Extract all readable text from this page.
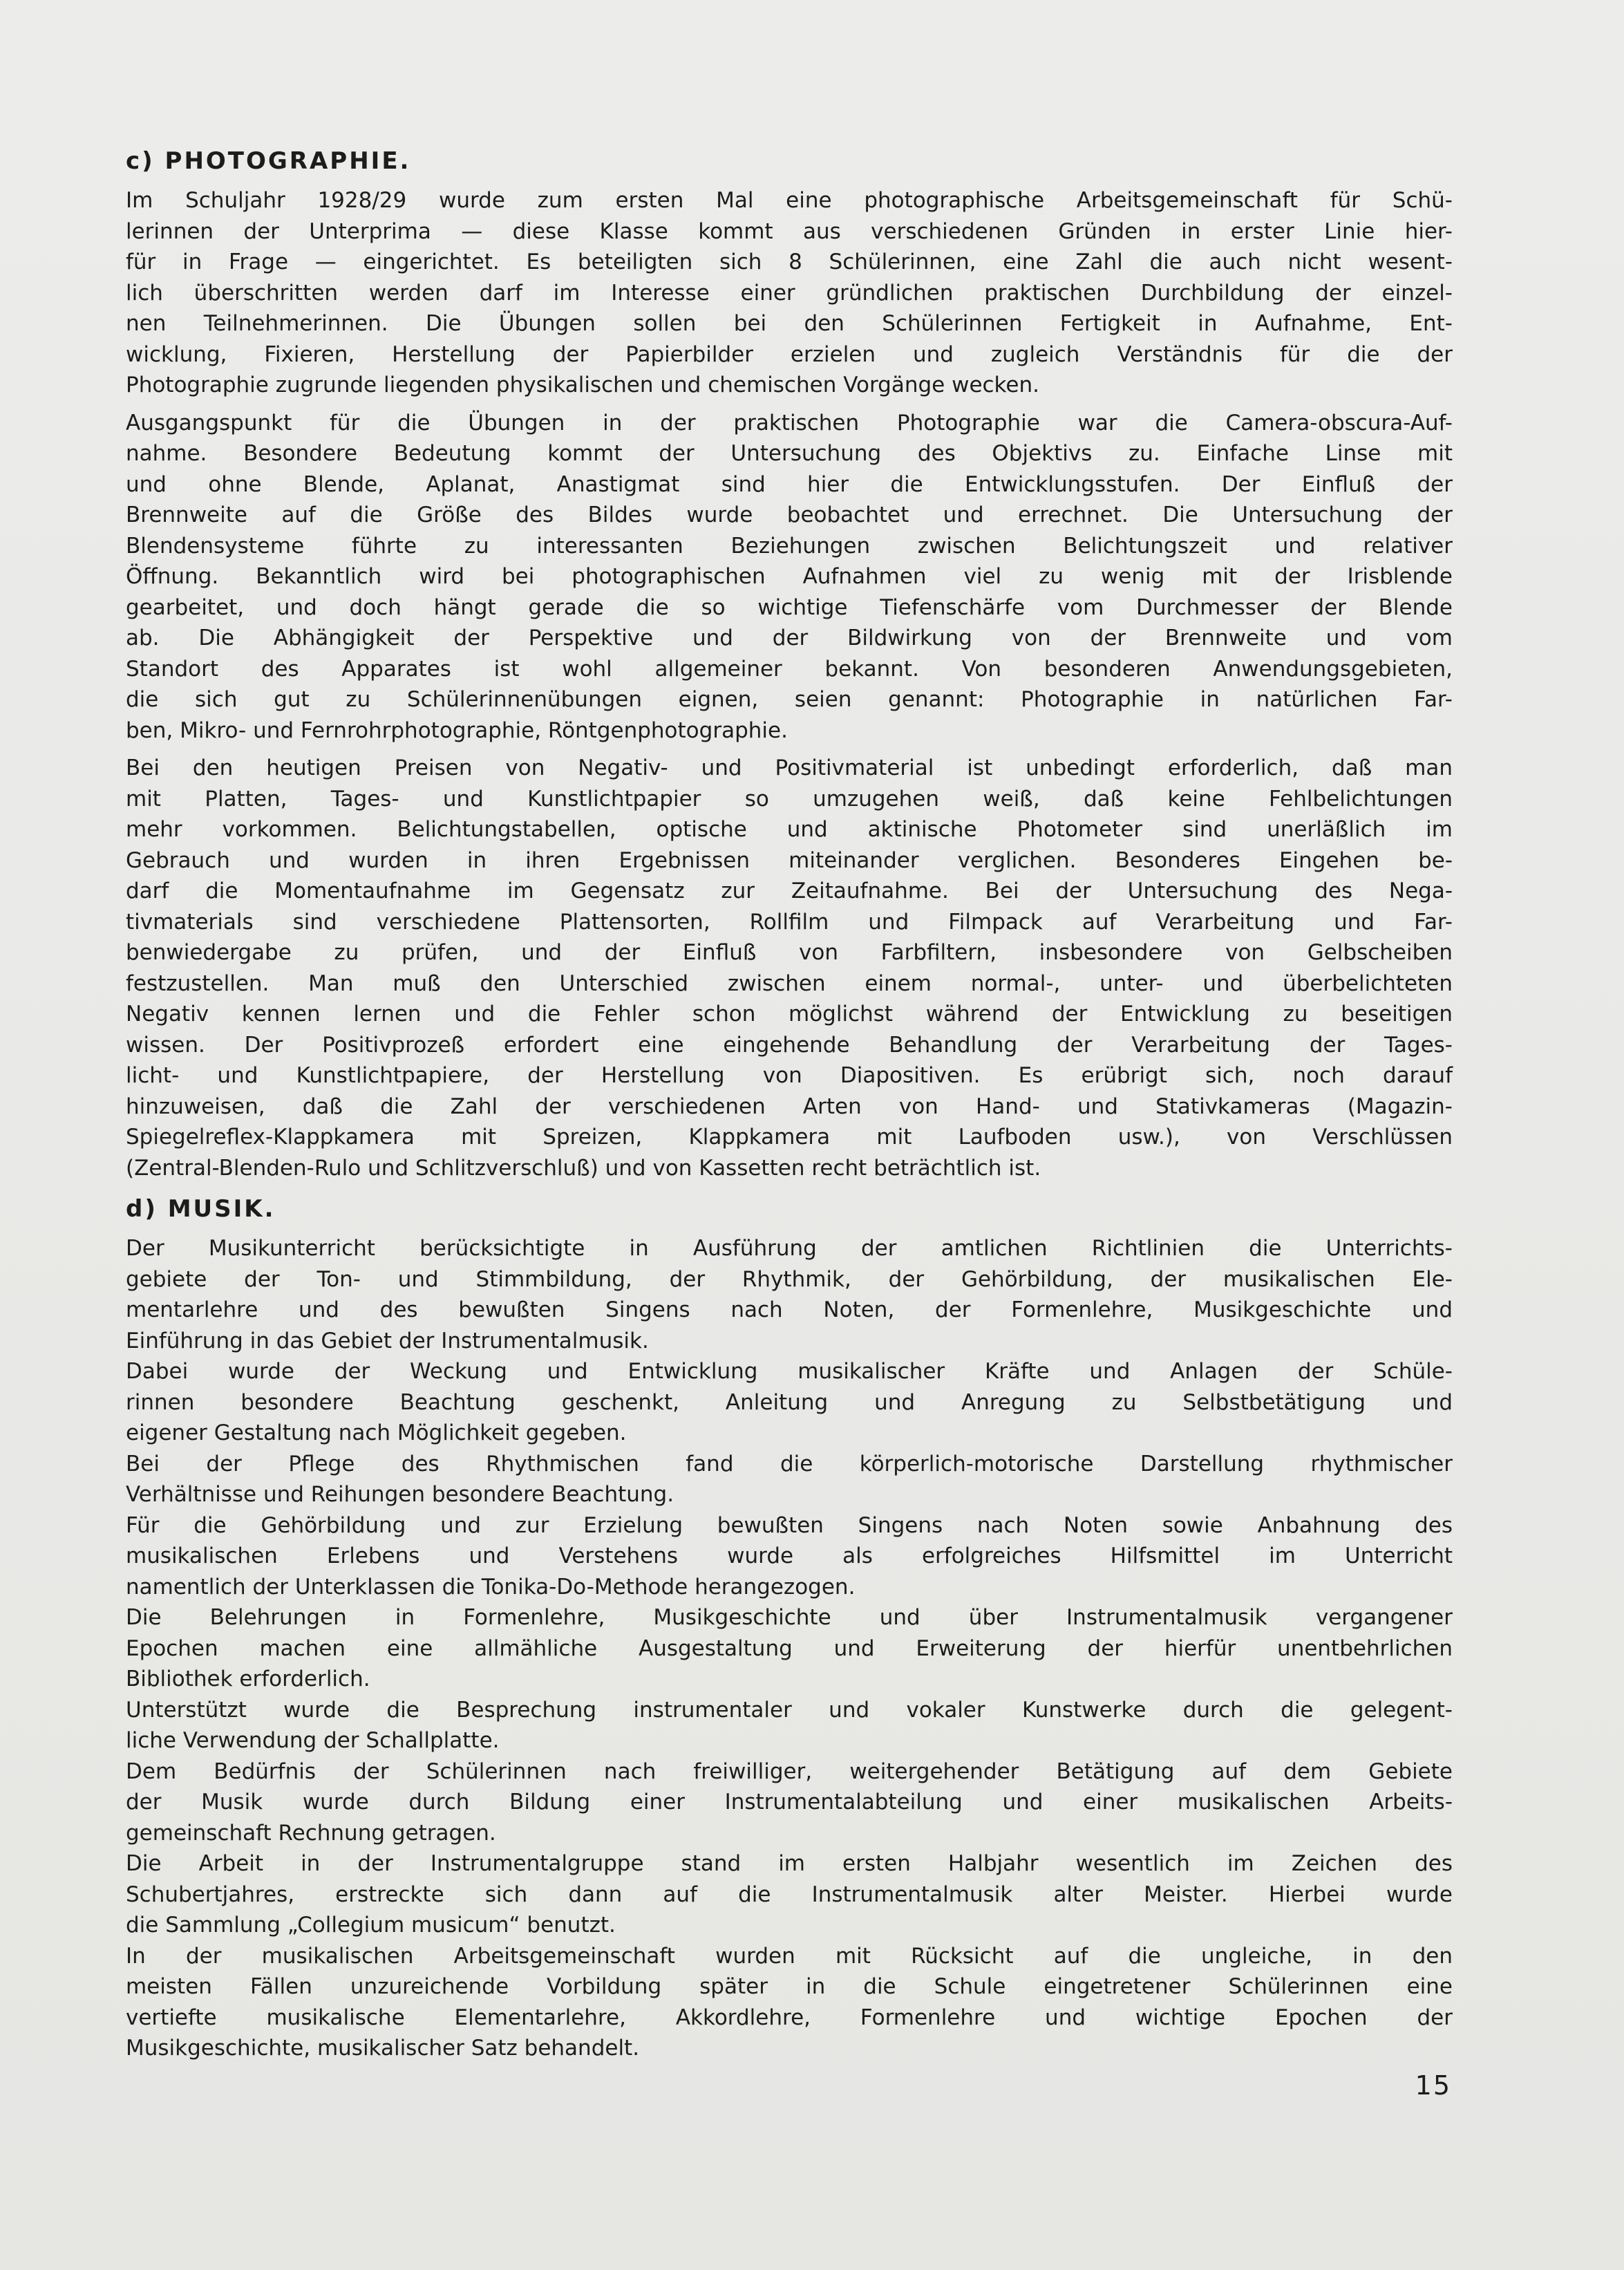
c) PHOTOGRAPHIE.

Im Schuljahr 1928/29 wurde zum ersten Mal eine photographische Arbeitsgemeinschaft für Schü-
lerinnen der Unterprima — diese Klasse kommt aus verschiedenen Gründen in erster Linie hier-
für in Frage — eingerichtet. Es beteiligten sich 8 Schülerinnen, eine Zahl die auch nicht wesent-
lich überschritten werden darf im Interesse einer gründlichen praktischen Durchbildung der einzel-
nen Teilnehmerinnen. Die Übungen sollen bei den Schülerinnen Fertigkeit in Aufnahme, Ent-
wicklung, Fixieren, Herstellung der Papierbilder erzielen und zugleich Verständnis für die der
Photographie zugrunde liegenden physikalischen und chemischen Vorgänge wecken.

Ausgangspunkt für die Übungen in der praktischen Photographie war die Camera-obscura-Auf-
nahme. Besondere Bedeutung kommt der Untersuchung des Objektivs zu. Einfache Linse mit
und ohne Blende, Aplanat, Anastigmat sind hier die Entwicklungsstufen. Der Einfluß der
Brennweite auf die Größe des Bildes wurde beobachtet und errechnet. Die Untersuchung der
Blendensysteme führte zu interessanten Beziehungen zwischen Belichtungszeit und relativer
Öffnung. Bekanntlich wird bei photographischen Aufnahmen viel zu wenig mit der Irisblende
gearbeitet, und doch hängt gerade die so wichtige Tiefenschärfe vom Durchmesser der Blende
ab. Die Abhängigkeit der Perspektive und der Bildwirkung von der Brennweite und vom
Standort des Apparates ist wohl allgemeiner bekannt. Von besonderen Anwendungsgebieten,
die sich gut zu Schülerinnenübungen eignen, seien genannt: Photographie in natürlichen Far-
ben, Mikro- und Fernrohrphotographie, Röntgenphotographie.

Bei den heutigen Preisen von Negativ- und Positivmaterial ist unbedingt erforderlich, daß man
mit Platten, Tages- und Kunstlichtpapier so umzugehen weiß, daß keine Fehlbelichtungen
mehr vorkommen. Belichtungstabellen, optische und aktinische Photometer sind unerläßlich im
Gebrauch und wurden in ihren Ergebnissen miteinander verglichen. Besonderes Eingehen be-
darf die Momentaufnahme im Gegensatz zur Zeitaufnahme. Bei der Untersuchung des Nega-
tivmaterials sind verschiedene Plattensorten, Rollfilm und Filmpack auf Verarbeitung und Far-
benwiedergabe zu prüfen, und der Einfluß von Farbfiltern, insbesondere von Gelbscheiben
festzustellen. Man muß den Unterschied zwischen einem normal-, unter- und überbelichteten
Negativ kennen lernen und die Fehler schon möglichst während der Entwicklung zu beseitigen
wissen. Der Positivprozeß erfordert eine eingehende Behandlung der Verarbeitung der Tages-
licht- und Kunstlichtpapiere, der Herstellung von Diapositiven. Es erübrigt sich, noch darauf
hinzuweisen, daß die Zahl der verschiedenen Arten von Hand- und Stativkameras (Magazin-
Spiegelreflex-Klappkamera mit Spreizen, Klappkamera mit Laufboden usw.), von Verschlüssen
(Zentral-Blenden-Rulo und Schlitzverschluß) und von Kassetten recht beträchtlich ist.

d) MUSIK.

Der Musikunterricht berücksichtigte in Ausführung der amtlichen Richtlinien die Unterrichts-
gebiete der Ton- und Stimmbildung, der Rhythmik, der Gehörbildung, der musikalischen Ele-
mentarlehre und des bewußten Singens nach Noten, der Formenlehre, Musikgeschichte und
Einführung in das Gebiet der Instrumentalmusik.

Dabei wurde der Weckung und Entwicklung musikalischer Kräfte und Anlagen der Schüle-
rinnen besondere Beachtung geschenkt, Anleitung und Anregung zu Selbstbetätigung und
eigener Gestaltung nach Möglichkeit gegeben.

Bei der Pflege des Rhythmischen fand die körperlich-motorische Darstellung rhythmischer
Verhältnisse und Reihungen besondere Beachtung.

Für die Gehörbildung und zur Erzielung bewußten Singens nach Noten sowie Anbahnung des
musikalischen Erlebens und Verstehens wurde als erfolgreiches Hilfsmittel im Unterricht
namentlich der Unterklassen die Tonika-Do-Methode herangezogen.

Die Belehrungen in Formenlehre, Musikgeschichte und über Instrumentalmusik vergangener
Epochen machen eine allmähliche Ausgestaltung und Erweiterung der hierfür unentbehrlichen
Bibliothek erforderlich.

Unterstützt wurde die Besprechung instrumentaler und vokaler Kunstwerke durch die gelegent-
liche Verwendung der Schallplatte.

Dem Bedürfnis der Schülerinnen nach freiwilliger, weitergehender Betätigung auf dem Gebiete
der Musik wurde durch Bildung einer Instrumentalabteilung und einer musikalischen Arbeits-
gemeinschaft Rechnung getragen.

Die Arbeit in der Instrumentalgruppe stand im ersten Halbjahr wesentlich im Zeichen des
Schubertjahres, erstreckte sich dann auf die Instrumentalmusik alter Meister. Hierbei wurde
die Sammlung „Collegium musicum“ benutzt.

In der musikalischen Arbeitsgemeinschaft wurden mit Rücksicht auf die ungleiche, in den
meisten Fällen unzureichende Vorbildung später in die Schule eingetretener Schülerinnen eine
vertiefte musikalische Elementarlehre, Akkordlehre, Formenlehre und wichtige Epochen der
Musikgeschichte, musikalischer Satz behandelt.

15
